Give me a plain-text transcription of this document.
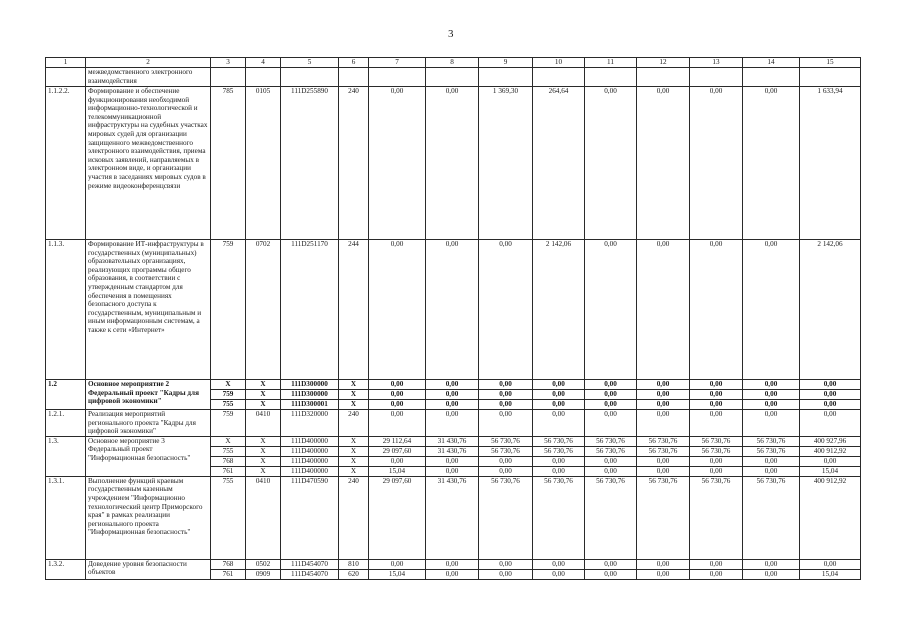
3
1	2	3	4	5	6	7	8	9	10	11	12	13	14	15
	межведомственного электронного взаимодействия													
1.1.2.2.	Формирование и обеспечение функционирования необходимой информационно-технологической и телекоммуникационной инфраструктуры на судебных участках мировых судей для организации защищенного межведомственного электронного взаимодействия, приема исковых заявлений, направляемых в электронном виде, и организации участия в заседаниях мировых судов в режиме видеоконференцсвязи	785	0105	111D255890	240	0,00	0,00	1 369,30	264,64	0,00	0,00	0,00	0,00	1 633,94
1.1.3.	Формирование ИТ-инфраструктуры в государственных (муниципальных) образовательных организациях, реализующих программы общего образования, в соответствии с утвержденным стандартом для обеспечения в помещениях безопасного доступа к государственным, муниципальным и иным информационным системам, а также к сети «Интернет»	759	0702	111D251170	244	0,00	0,00	0,00	2 142,06	0,00	0,00	0,00	0,00	2 142,06
1.2	Основное мероприятие 2 Федеральный проект "Кадры для цифровой экономики"	X	X	111D300000	X	0,00	0,00	0,00	0,00	0,00	0,00	0,00	0,00	0,00
		759	X	111D300000	X	0,00	0,00	0,00	0,00	0,00	0,00	0,00	0,00	0,00
		755	X	111D300001	X	0,00	0,00	0,00	0,00	0,00	0,00	0,00	0,00	0,00
1.2.1.	Реализация мероприятий регионального проекта "Кадры для цифровой экономики"	759	0410	111D320000	240	0,00	0,00	0,00	0,00	0,00	0,00	0,00	0,00	0,00
1.3.	Основное мероприятие 3 Федеральный проект "Информационная безопасность"	X	X	111D400000	X	29 112,64	31 430,76	56 730,76	56 730,76	56 730,76	56 730,76	56 730,76	56 730,76	400 927,96
		755	X	111D400000	X	29 097,60	31 430,76	56 730,76	56 730,76	56 730,76	56 730,76	56 730,76	56 730,76	400 912,92
		768	X	111D400000	X	0,00	0,00	0,00	0,00	0,00	0,00	0,00	0,00	0,00
		761	X	111D400000	X	15,04	0,00	0,00	0,00	0,00	0,00	0,00	0,00	15,04
1.3.1.	Выполнение функций краевым государственным казенным учреждением "Информационно технологический центр Приморского края" в рамках реализации регионального проекта "Информационная безопасность"	755	0410	111D470590	240	29 097,60	31 430,76	56 730,76	56 730,76	56 730,76	56 730,76	56 730,76	56 730,76	400 912,92
1.3.2.	Доведение уровня безопасности объектов	768	0502	111D454070	810	0,00	0,00	0,00	0,00	0,00	0,00	0,00	0,00	0,00
		761	0909	111D454070	620	15,04	0,00	0,00	0,00	0,00	0,00	0,00	0,00	15,04
